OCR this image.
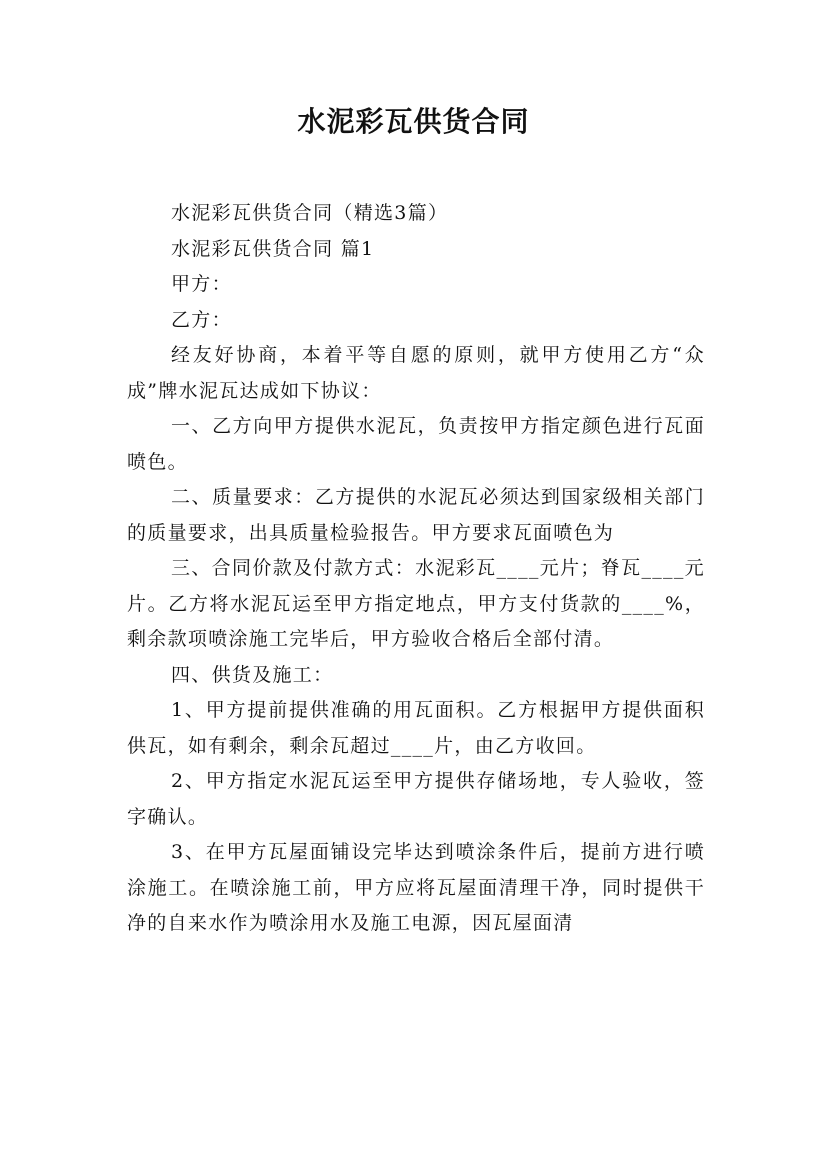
水泥彩瓦供货合同

水泥彩瓦供货合同（精选3篇）

水泥彩瓦供货合同 篇1

甲方：

乙方：

经友好协商，本着平等自愿的原则，就甲方使用乙方“众成”牌水泥瓦达成如下协议：

一、乙方向甲方提供水泥瓦，负责按甲方指定颜色进行瓦面喷色。

二、质量要求：乙方提供的水泥瓦必须达到国家级相关部门的质量要求，出具质量检验报告。甲方要求瓦面喷色为

三、合同价款及付款方式：水泥彩瓦____元片；脊瓦____元片。乙方将水泥瓦运至甲方指定地点，甲方支付货款的____%，剩余款项喷涂施工完毕后，甲方验收合格后全部付清。

四、供货及施工：

1、甲方提前提供准确的用瓦面积。乙方根据甲方提供面积供瓦，如有剩余，剩余瓦超过____片，由乙方收回。

2、甲方指定水泥瓦运至甲方提供存储场地，专人验收，签字确认。

3、在甲方瓦屋面铺设完毕达到喷涂条件后，提前方进行喷涂施工。在喷涂施工前，甲方应将瓦屋面清理干净，同时提供干净的自来水作为喷涂用水及施工电源，因瓦屋面清
